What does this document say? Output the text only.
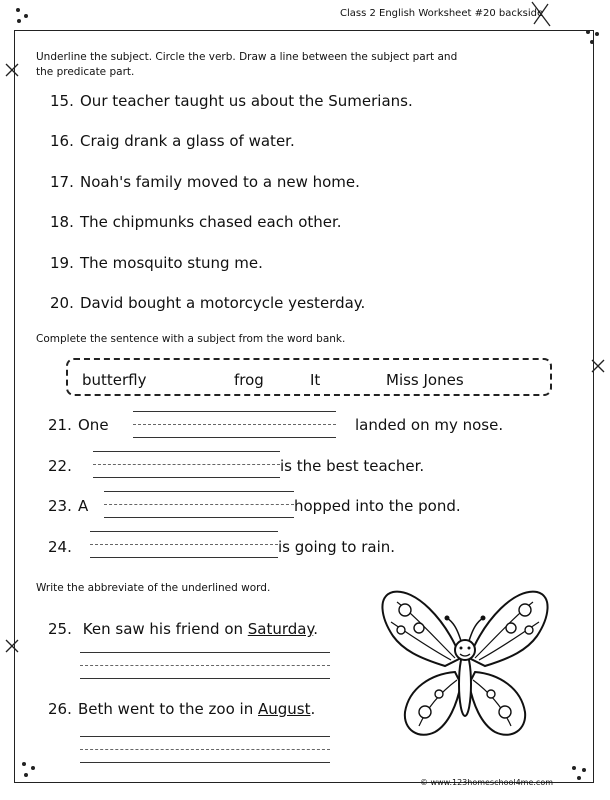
Class 2 English Worksheet #20 backside
Underline the subject. Circle the verb. Draw a line between the subject part and
the predicate part.
15. Our teacher taught us about the Sumerians.
16. Craig drank a glass of water.
17. Noah's family moved to a new home.
18. The chipmunks chased each other.
19. The mosquito stung me.
20. David bought a motorcycle yesterday.
Complete the sentence with a subject from the word bank.
butterfly	frog	It	Miss Jones
21. One	landed on my nose.
22.	is the best teacher.
23. A	hopped into the pond.
24.	is going to rain.
Write the abbreviate of the underlined word.
25. Ken saw his friend on Saturday.
26. Beth went to the zoo in August.
© www.123homeschool4me.com
